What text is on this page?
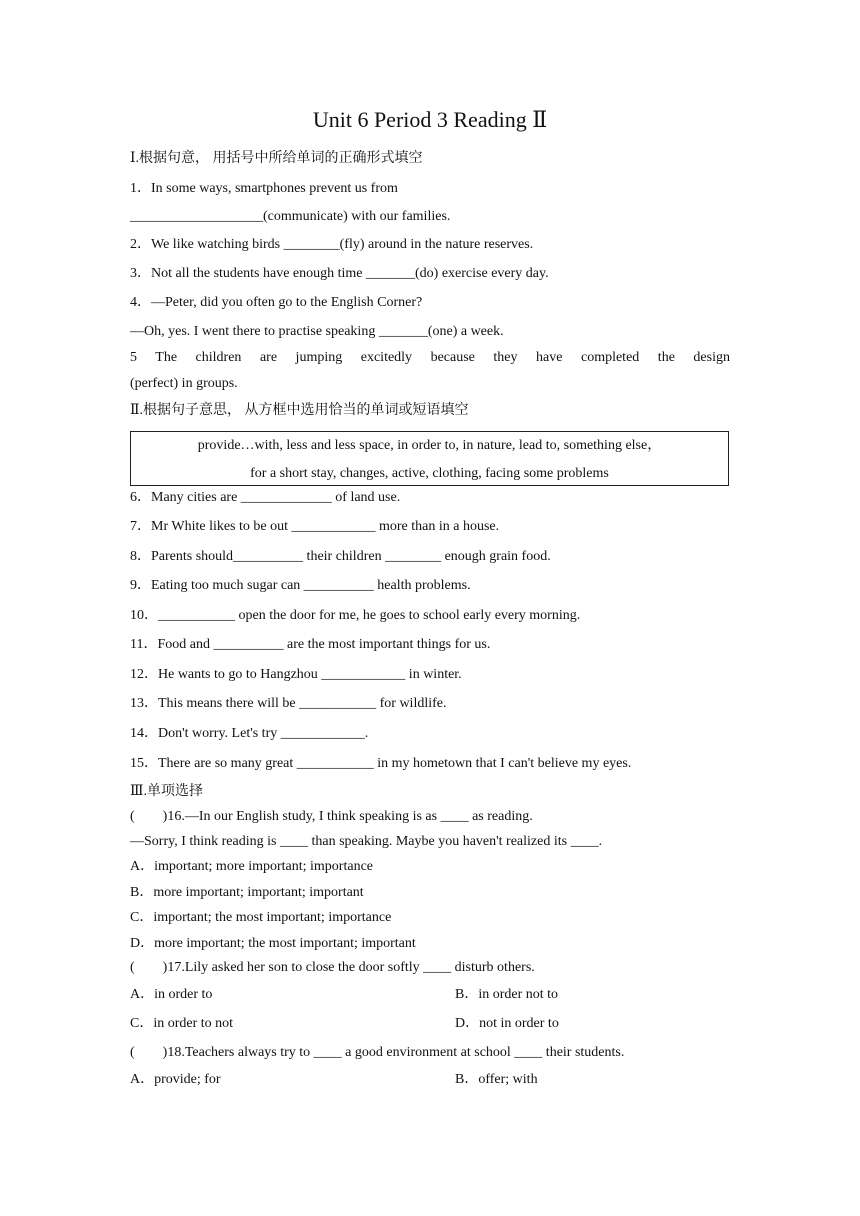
Unit 6 Period 3 Reading Ⅱ
Ⅰ.根据句意， 用括号中所给单词的正确形式填空
1．In some ways, smartphones prevent us from
___________________(communicate) with our families.
2．We like watching birds ________(fly) around in the nature reserves.
3．Not all the students have enough time _______(do) exercise every day.
4．—Peter, did you often go to the English Corner?
—Oh, yes. I went there to practise speaking _______(one) a week.
5 The children are jumping excitedly because they have completed the design
(perfect) in groups.
Ⅱ.根据句子意思， 从方框中选用恰当的单词或短语填空
provide…with, less and less space, in order to, in nature, lead to, something else，
for a short stay, changes, active, clothing, facing some problems
6．Many cities are _____________ of land use.
7．Mr White likes to be out ____________ more than in a house.
8．Parents should__________ their children ________ enough grain food.
9．Eating too much sugar can __________ health problems.
10．___________ open the door for me, he goes to school early every morning.
11．Food and __________ are the most important things for us.
12．He wants to go to Hangzhou ____________ in winter.
13．This means there will be ___________ for wildlife.
14．Don't worry. Let's try ____________.
15．There are so many great ___________ in my hometown that I can't believe my eyes.
Ⅲ.单项选择
(　　)16.—In our English study, I think speaking is as ____ as reading.
—Sorry, I think reading is ____ than speaking. Maybe you haven't realized its ____.
A．important; more important; importance
B．more important; important; important
C．important; the most important; importance
D．more important; the most important; important
(　　)17.Lily asked her son to close the door softly ____ disturb others.
A．in order to	B．in order not to
C．in order to not	D．not in order to
(　　)18.Teachers always try to ____ a good environment at school ____ their students.
A．provide; for	B．offer; with
